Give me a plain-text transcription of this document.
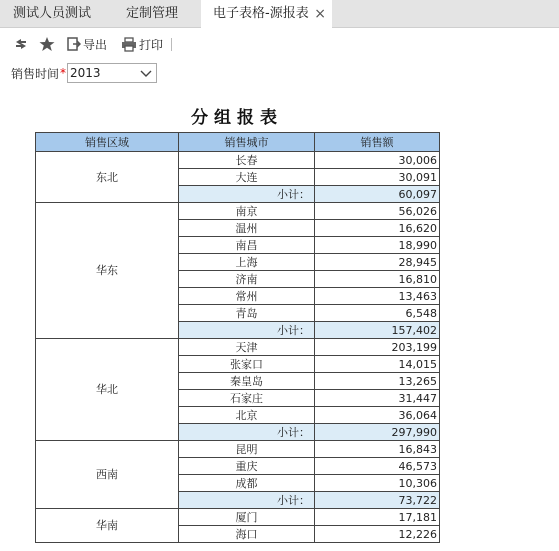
测试人员测试	定制管理	电子表格-源报表 ×
导出	打印
销售时间 * 2013
分组报表
销售区域	销售城市	销售额
东北	长春	30,006
	大连	30,091
	小计：	60,097
华东	南京	56,026
	温州	16,620
	南昌	18,990
	上海	28,945
	济南	16,810
	常州	13,463
	青岛	6,548
	小计：	157,402
华北	天津	203,199
	张家口	14,015
	秦皇岛	13,265
	石家庄	31,447
	北京	36,064
	小计：	297,990
西南	昆明	16,843
	重庆	46,573
	成都	10,306
	小计：	73,722
华南	厦门	17,181
	海口	12,226
